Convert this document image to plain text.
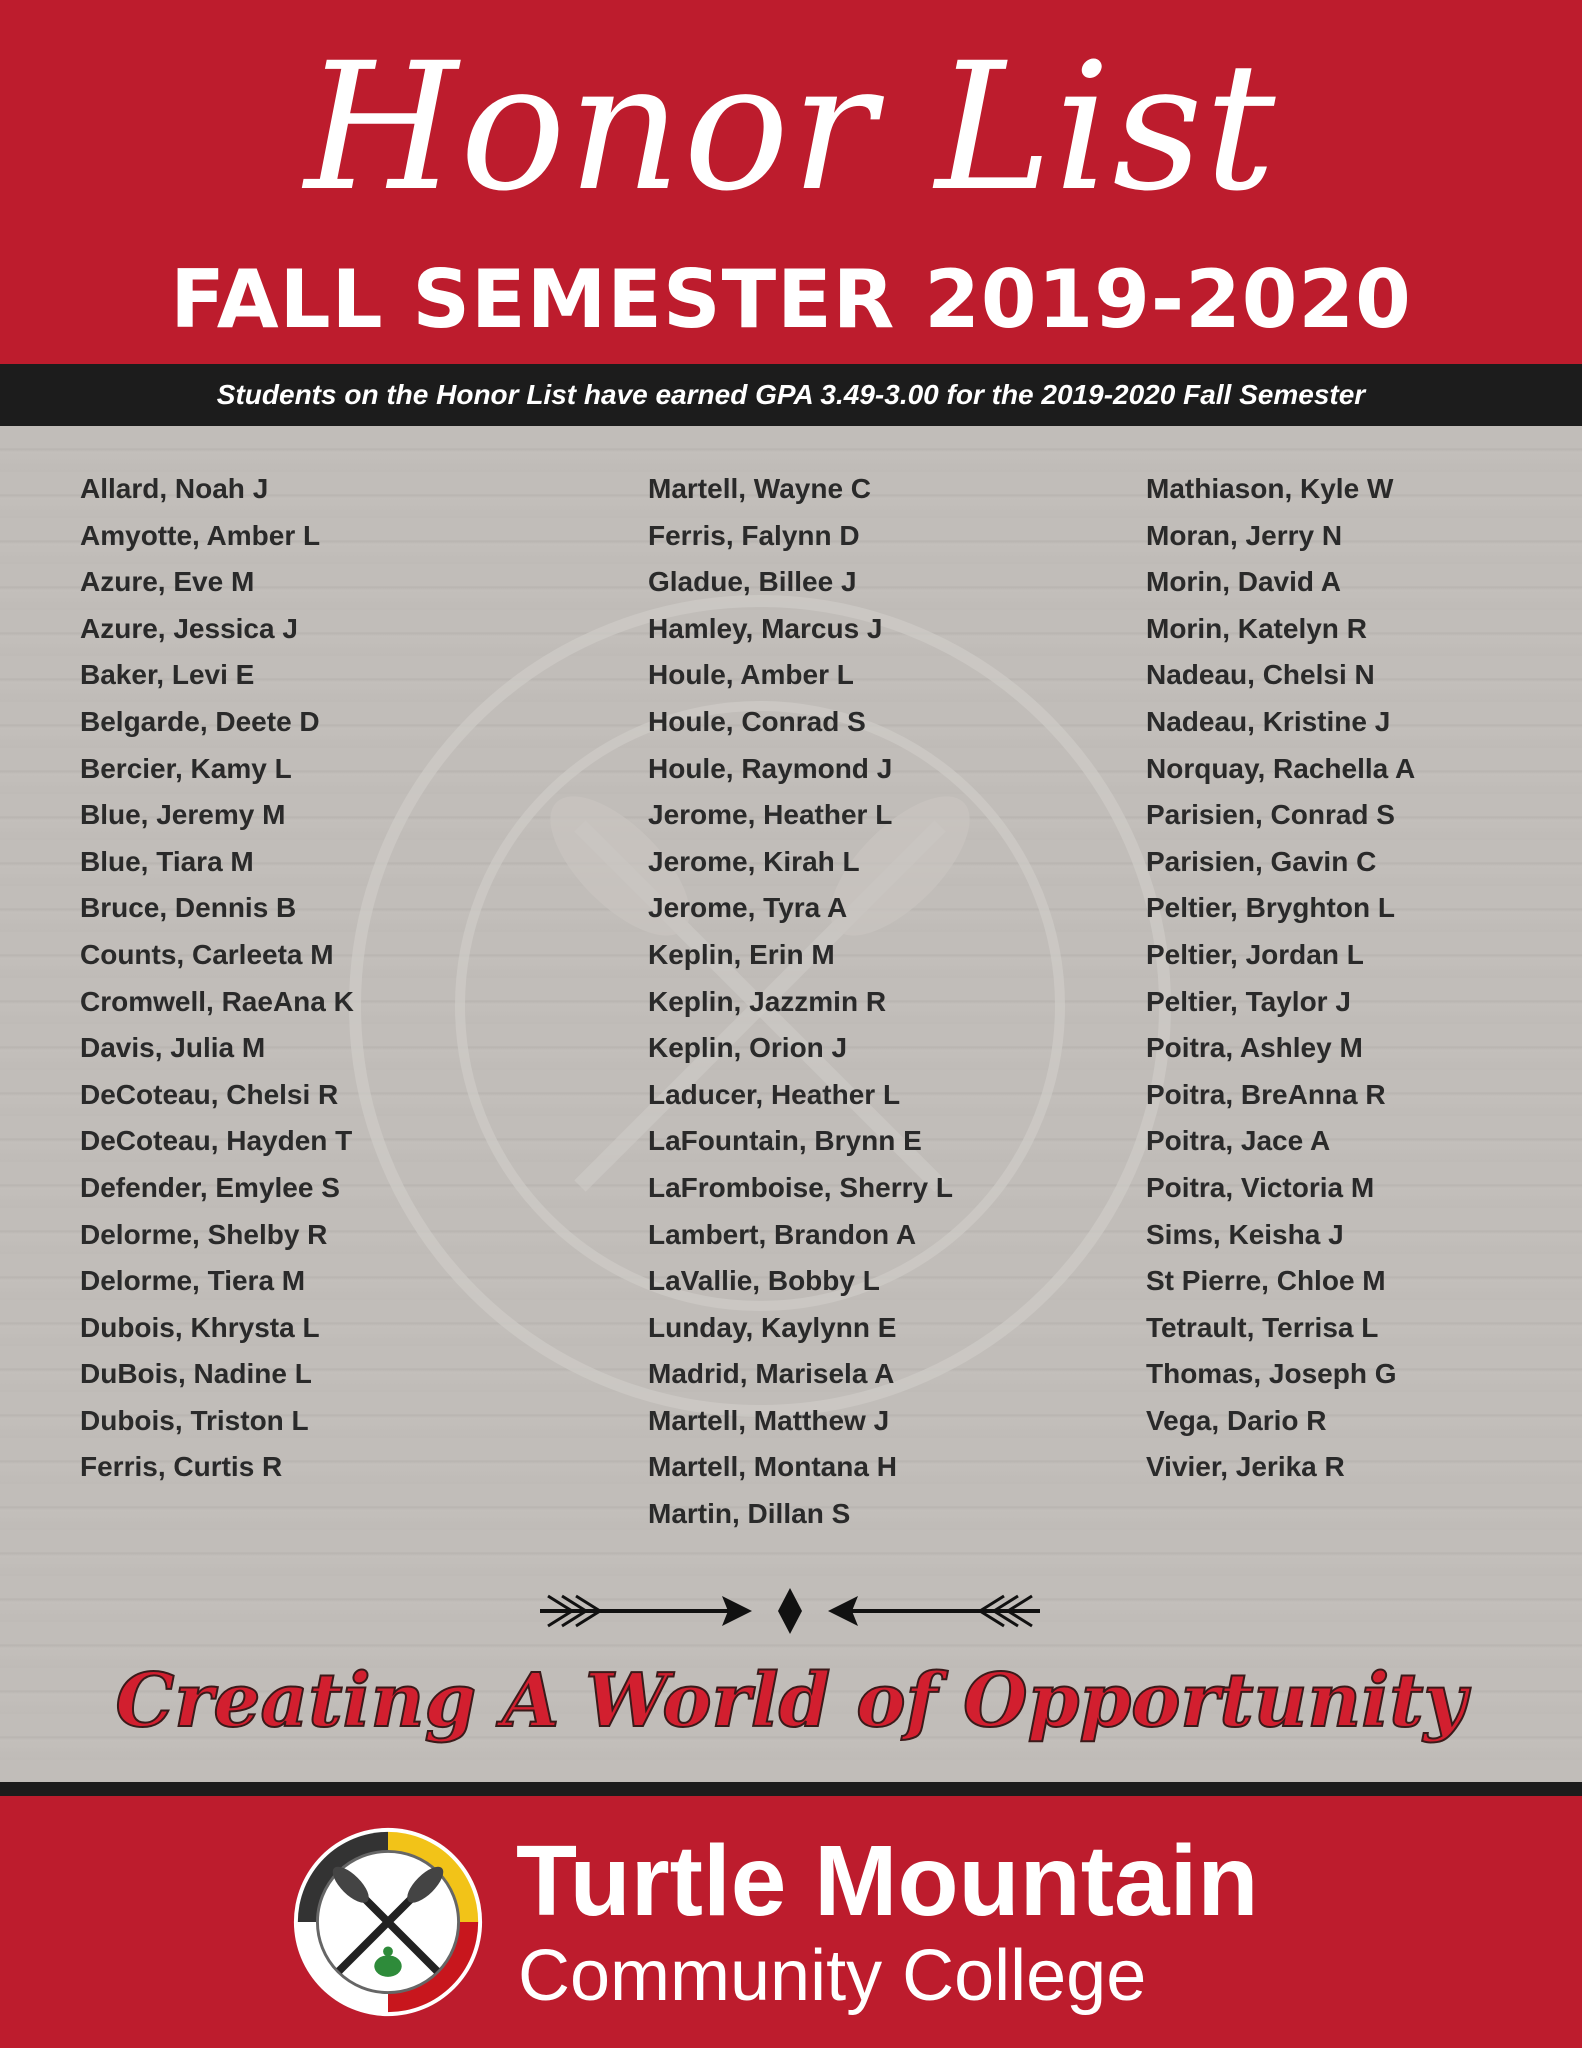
Honor List
FALL SEMESTER 2019-2020
Students on the Honor List have earned GPA 3.49-3.00 for the 2019-2020 Fall Semester
Allard, Noah J
Amyotte, Amber L
Azure, Eve M
Azure, Jessica J
Baker, Levi E
Belgarde, Deete D
Bercier, Kamy L
Blue, Jeremy M
Blue, Tiara M
Bruce, Dennis B
Counts, Carleeta M
Cromwell, RaeAna K
Davis, Julia M
DeCoteau, Chelsi R
DeCoteau, Hayden T
Defender, Emylee S
Delorme, Shelby R
Delorme, Tiera M
Dubois, Khrysta L
DuBois, Nadine L
Dubois, Triston L
Ferris, Curtis R
Martell, Wayne C
Ferris, Falynn D
Gladue, Billee J
Hamley, Marcus J
Houle, Amber L
Houle, Conrad S
Houle, Raymond J
Jerome, Heather L
Jerome, Kirah L
Jerome, Tyra A
Keplin, Erin M
Keplin, Jazzmin R
Keplin, Orion J
Laducer, Heather L
LaFountain, Brynn E
LaFromboise, Sherry L
Lambert, Brandon A
LaVallie, Bobby L
Lunday, Kaylynn E
Madrid, Marisela A
Martell, Matthew J
Martell, Montana H
Martin, Dillan S
Mathiason, Kyle W
Moran, Jerry N
Morin, David A
Morin, Katelyn R
Nadeau, Chelsi N
Nadeau, Kristine J
Norquay, Rachella A
Parisien, Conrad S
Parisien, Gavin C
Peltier, Bryghton L
Peltier, Jordan L
Peltier, Taylor J
Poitra, Ashley M
Poitra, BreAnna R
Poitra, Jace A
Poitra, Victoria M
Sims, Keisha J
St Pierre, Chloe M
Tetrault, Terrisa L
Thomas, Joseph G
Vega, Dario R
Vivier, Jerika R
Creating A World of Opportunity
Turtle Mountain
Community College
